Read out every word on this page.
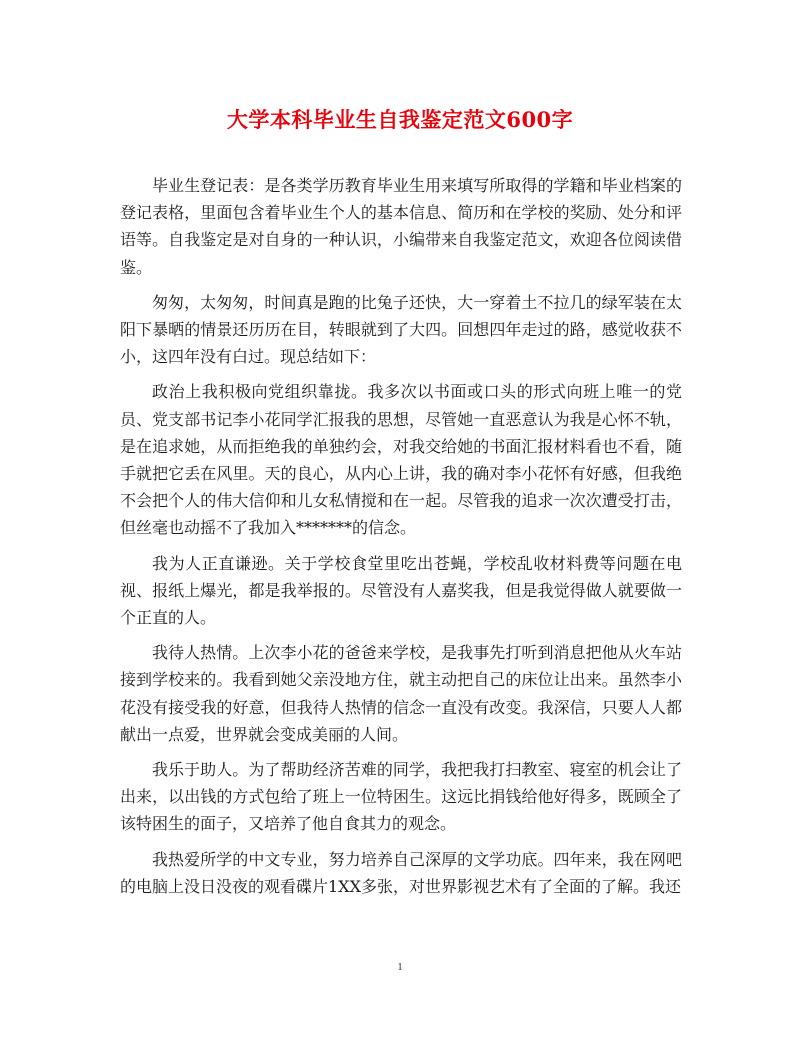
大学本科毕业生自我鉴定范文600字

毕业生登记表：是各类学历教育毕业生用来填写所取得的学籍和毕业档案的登记表格，里面包含着毕业生个人的基本信息、简历和在学校的奖励、处分和评语等。自我鉴定是对自身的一种认识，小编带来自我鉴定范文，欢迎各位阅读借鉴。

匆匆，太匆匆，时间真是跑的比兔子还快，大一穿着土不拉几的绿军装在太阳下暴晒的情景还历历在目，转眼就到了大四。回想四年走过的路，感觉收获不小，这四年没有白过。现总结如下：

政治上我积极向党组织靠拢。我多次以书面或口头的形式向班上唯一的党员、党支部书记李小花同学汇报我的思想，尽管她一直恶意认为我是心怀不轨，是在追求她，从而拒绝我的单独约会，对我交给她的书面汇报材料看也不看，随手就把它丢在风里。天的良心，从内心上讲，我的确对李小花怀有好感，但我绝不会把个人的伟大信仰和儿女私情搅和在一起。尽管我的追求一次次遭受打击，但丝毫也动摇不了我加入*******的信念。

我为人正直谦逊。关于学校食堂里吃出苍蝇，学校乱收材料费等问题在电视、报纸上爆光，都是我举报的。尽管没有人嘉奖我，但是我觉得做人就要做一个正直的人。

我待人热情。上次李小花的爸爸来学校，是我事先打听到消息把他从火车站接到学校来的。我看到她父亲没地方住，就主动把自己的床位让出来。虽然李小花没有接受我的好意，但我待人热情的信念一直没有改变。我深信，只要人人都献出一点爱，世界就会变成美丽的人间。

我乐于助人。为了帮助经济苦难的同学，我把我打扫教室、寝室的机会让了出来，以出钱的方式包给了班上一位特困生。这远比捐钱给他好得多，既顾全了该特困生的面子，又培养了他自食其力的观念。

我热爱所学的中文专业，努力培养自己深厚的文学功底。四年来，我在网吧的电脑上没日没夜的观看碟片1XX多张，对世界影视艺术有了全面的了解。我还

1
